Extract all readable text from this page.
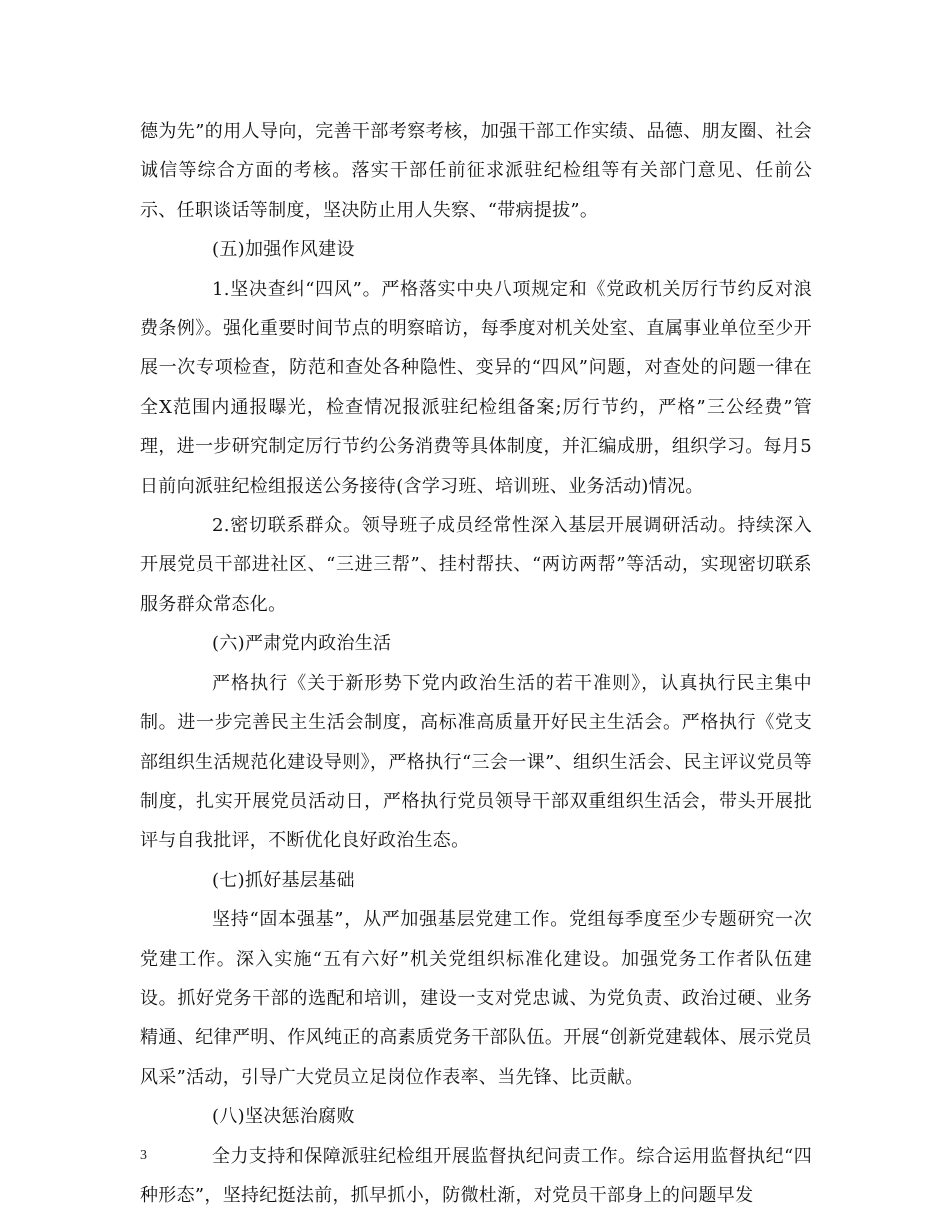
德为先”的用人导向，完善干部考察考核，加强干部工作实绩、品德、朋友圈、社会诚信等综合方面的考核。落实干部任前征求派驻纪检组等有关部门意见、任前公示、任职谈话等制度，坚决防止用人失察、“带病提拔”。

(五)加强作风建设

1.坚决查纠“四风”。严格落实中央八项规定和《党政机关厉行节约反对浪费条例》。强化重要时间节点的明察暗访，每季度对机关处室、直属事业单位至少开展一次专项检查，防范和查处各种隐性、变异的“四风”问题，对查处的问题一律在全X范围内通报曝光，检查情况报派驻纪检组备案;厉行节约，严格”三公经费”管理，进一步研究制定厉行节约公务消费等具体制度，并汇编成册，组织学习。每月5日前向派驻纪检组报送公务接待(含学习班、培训班、业务活动)情况。

2.密切联系群众。领导班子成员经常性深入基层开展调研活动。持续深入开展党员干部进社区、“三进三帮”、挂村帮扶、“两访两帮”等活动，实现密切联系服务群众常态化。

(六)严肃党内政治生活

严格执行《关于新形势下党内政治生活的若干准则》，认真执行民主集中制。进一步完善民主生活会制度，高标准高质量开好民主生活会。严格执行《党支部组织生活规范化建设导则》，严格执行“三会一课”、组织生活会、民主评议党员等制度，扎实开展党员活动日，严格执行党员领导干部双重组织生活会，带头开展批评与自我批评，不断优化良好政治生态。

(七)抓好基层基础

坚持“固本强基”，从严加强基层党建工作。党组每季度至少专题研究一次党建工作。深入实施“五有六好”机关党组织标准化建设。加强党务工作者队伍建设。抓好党务干部的选配和培训，建设一支对党忠诚、为党负责、政治过硬、业务精通、纪律严明、作风纯正的高素质党务干部队伍。开展“创新党建载体、展示党员风采”活动，引导广大党员立足岗位作表率、当先锋、比贡献。

(八)坚决惩治腐败

全力支持和保障派驻纪检组开展监督执纪问责工作。综合运用监督执纪“四种形态”，坚持纪挺法前，抓早抓小，防微杜渐，对党员干部身上的问题早发

3
